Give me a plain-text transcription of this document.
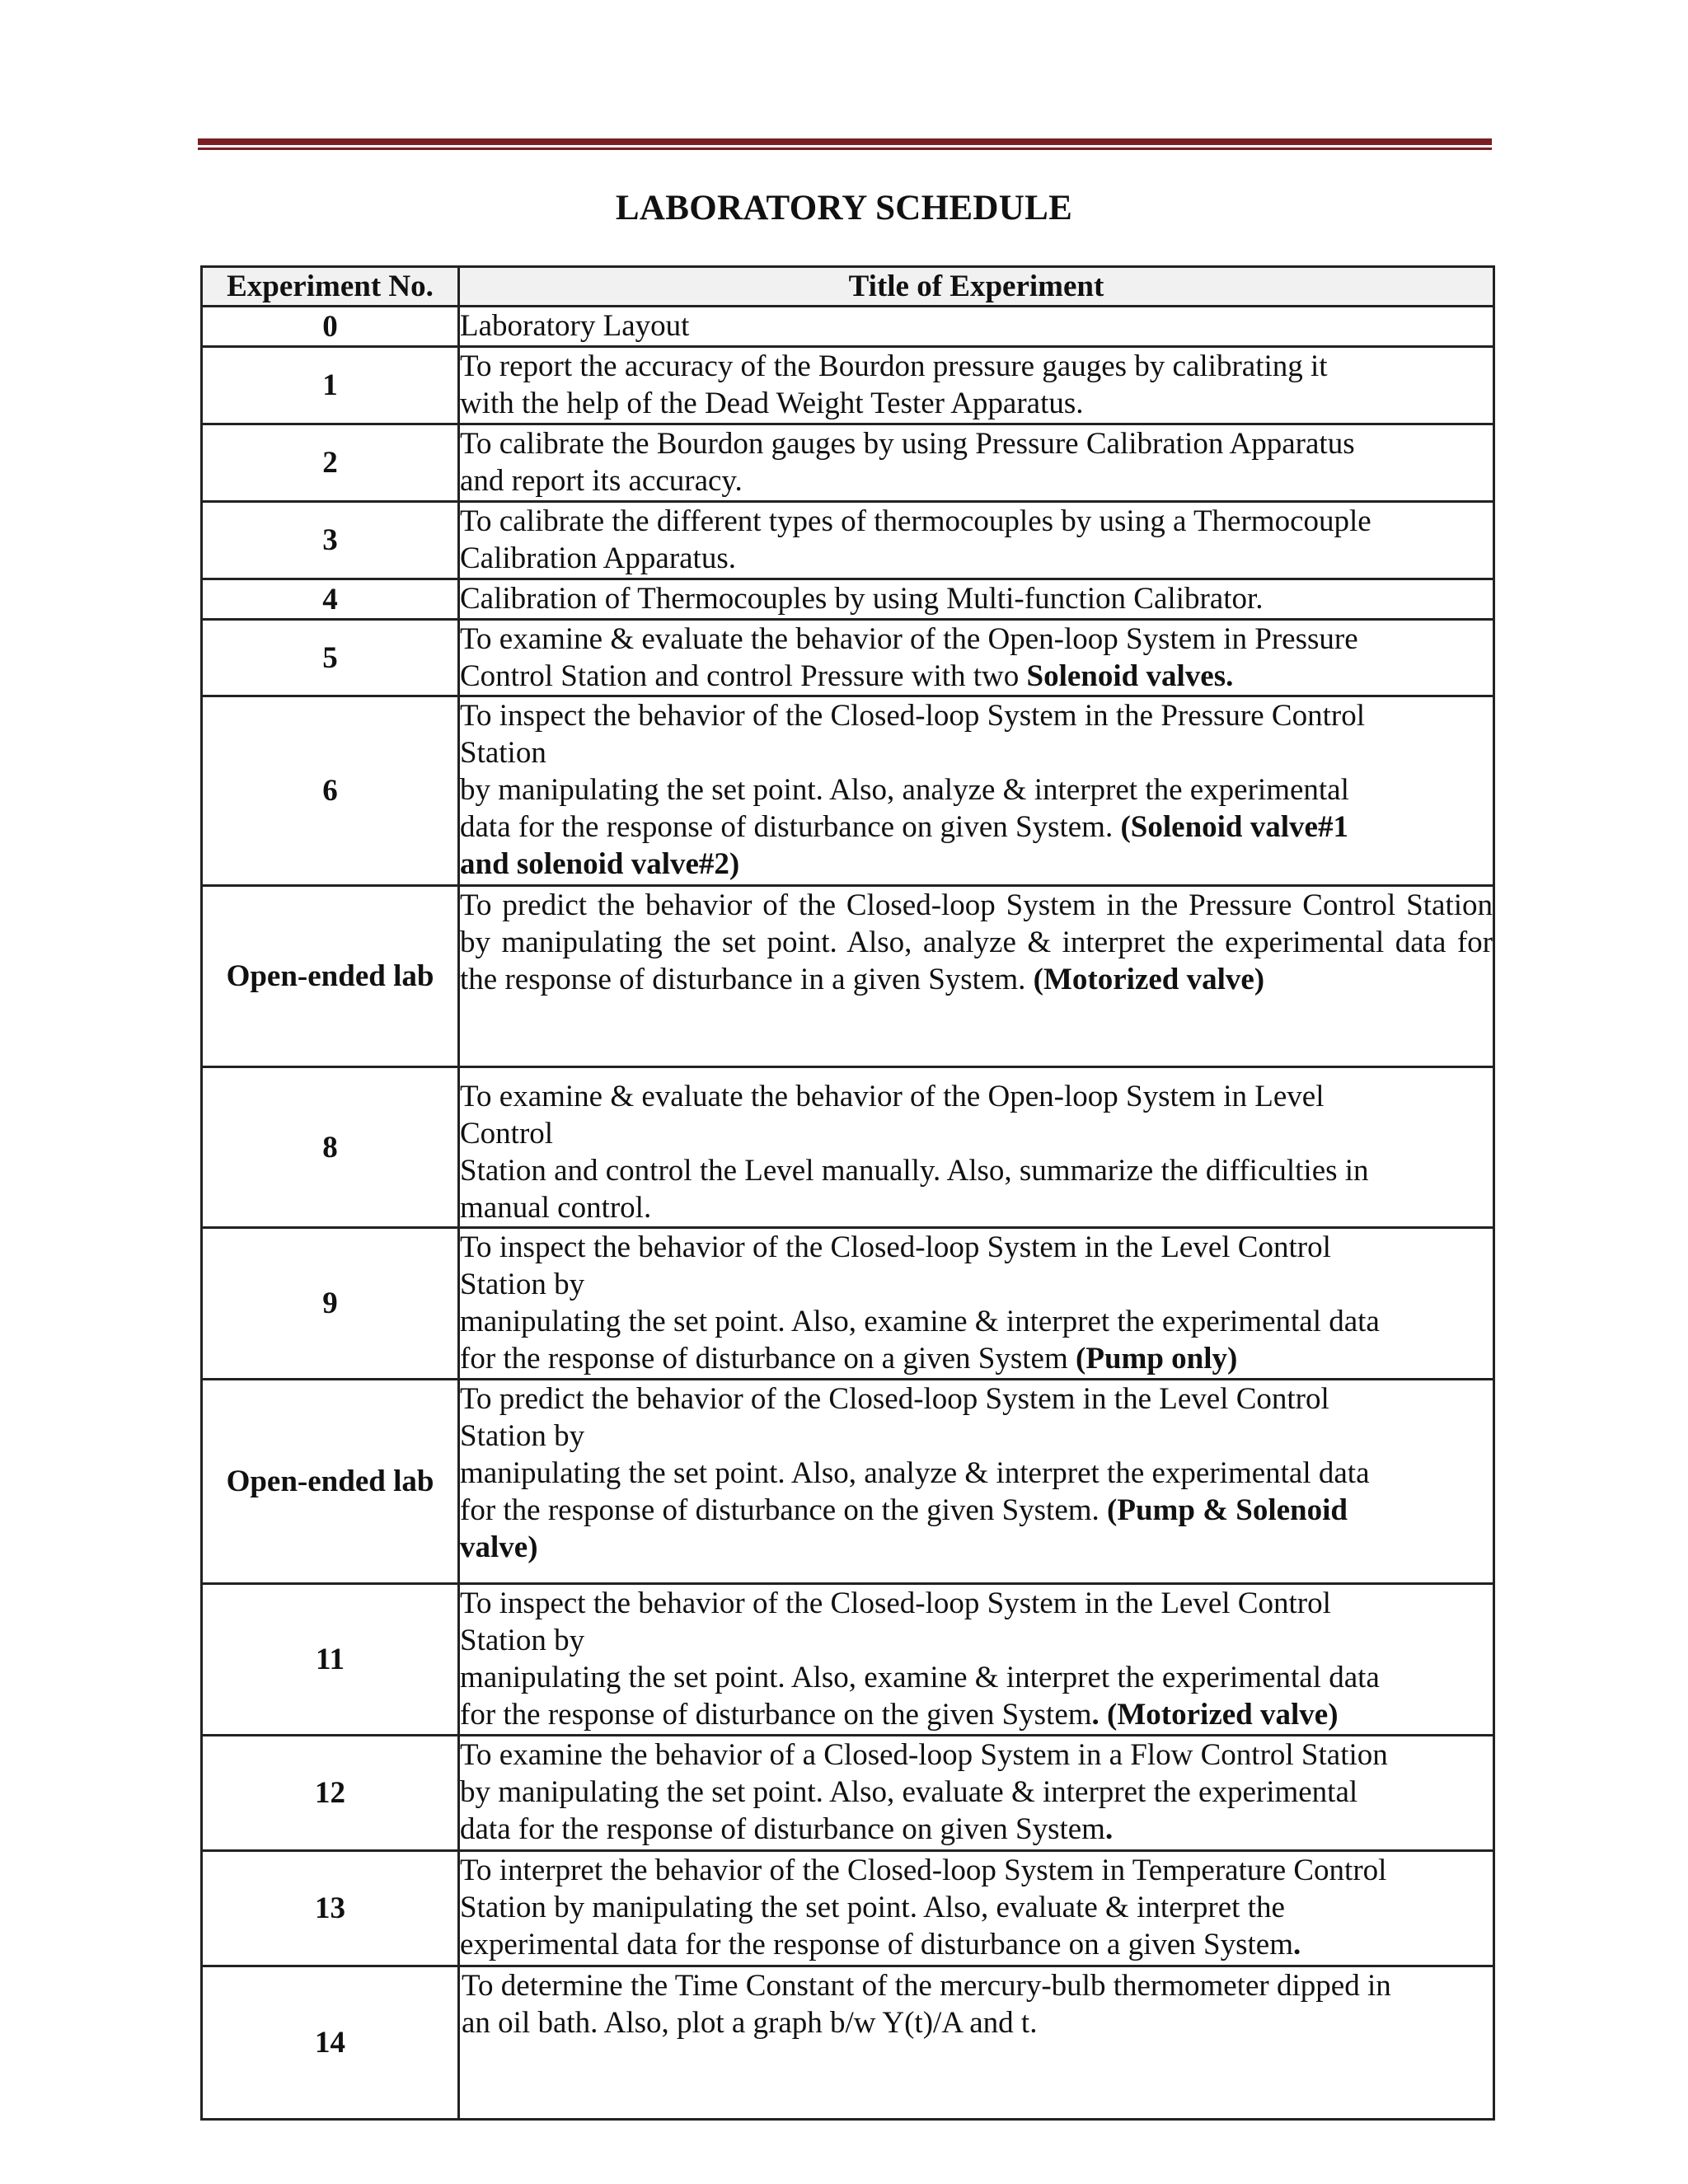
LABORATORY SCHEDULE
Experiment No.	Title of Experiment
0	Laboratory Layout
1	To report the accuracy of the Bourdon pressure gauges by calibrating it
with the help of the Dead Weight Tester Apparatus.
2	To calibrate the Bourdon gauges by using Pressure Calibration Apparatus
and report its accuracy.
3	To calibrate the different types of thermocouples by using a Thermocouple
Calibration Apparatus.
4	Calibration of Thermocouples by using Multi-function Calibrator.
5	To examine & evaluate the behavior of the Open-loop System in Pressure
Control Station and control Pressure with two Solenoid valves.
6	To inspect the behavior of the Closed-loop System in the Pressure Control
Station
by manipulating the set point. Also, analyze & interpret the experimental
data for the response of disturbance on given System. (Solenoid valve#1
and solenoid valve#2)
Open-ended lab	To predict the behavior of the Closed-loop System in the Pressure Control Station by manipulating the set point. Also, analyze & interpret the experimental data for the response of disturbance in a given System. (Motorized valve)
8	To examine & evaluate the behavior of the Open-loop System in Level
Control
Station and control the Level manually. Also, summarize the difficulties in
manual control.
9	To inspect the behavior of the Closed-loop System in the Level Control
Station by
manipulating the set point. Also, examine & interpret the experimental data
for the response of disturbance on a given System (Pump only)
Open-ended lab	To predict the behavior of the Closed-loop System in the Level Control
Station by
manipulating the set point. Also, analyze & interpret the experimental data
for the response of disturbance on the given System. (Pump & Solenoid
valve)
11	To inspect the behavior of the Closed-loop System in the Level Control
Station by
manipulating the set point. Also, examine & interpret the experimental data
for the response of disturbance on the given System. (Motorized valve)
12	To examine the behavior of a Closed-loop System in a Flow Control Station
by manipulating the set point. Also, evaluate & interpret the experimental
data for the response of disturbance on given System.
13	To interpret the behavior of the Closed-loop System in Temperature Control
Station by manipulating the set point. Also, evaluate & interpret the
experimental data for the response of disturbance on a given System.
14	To determine the Time Constant of the mercury-bulb thermometer dipped in
an oil bath. Also, plot a graph b/w Y(t)/A and t.
